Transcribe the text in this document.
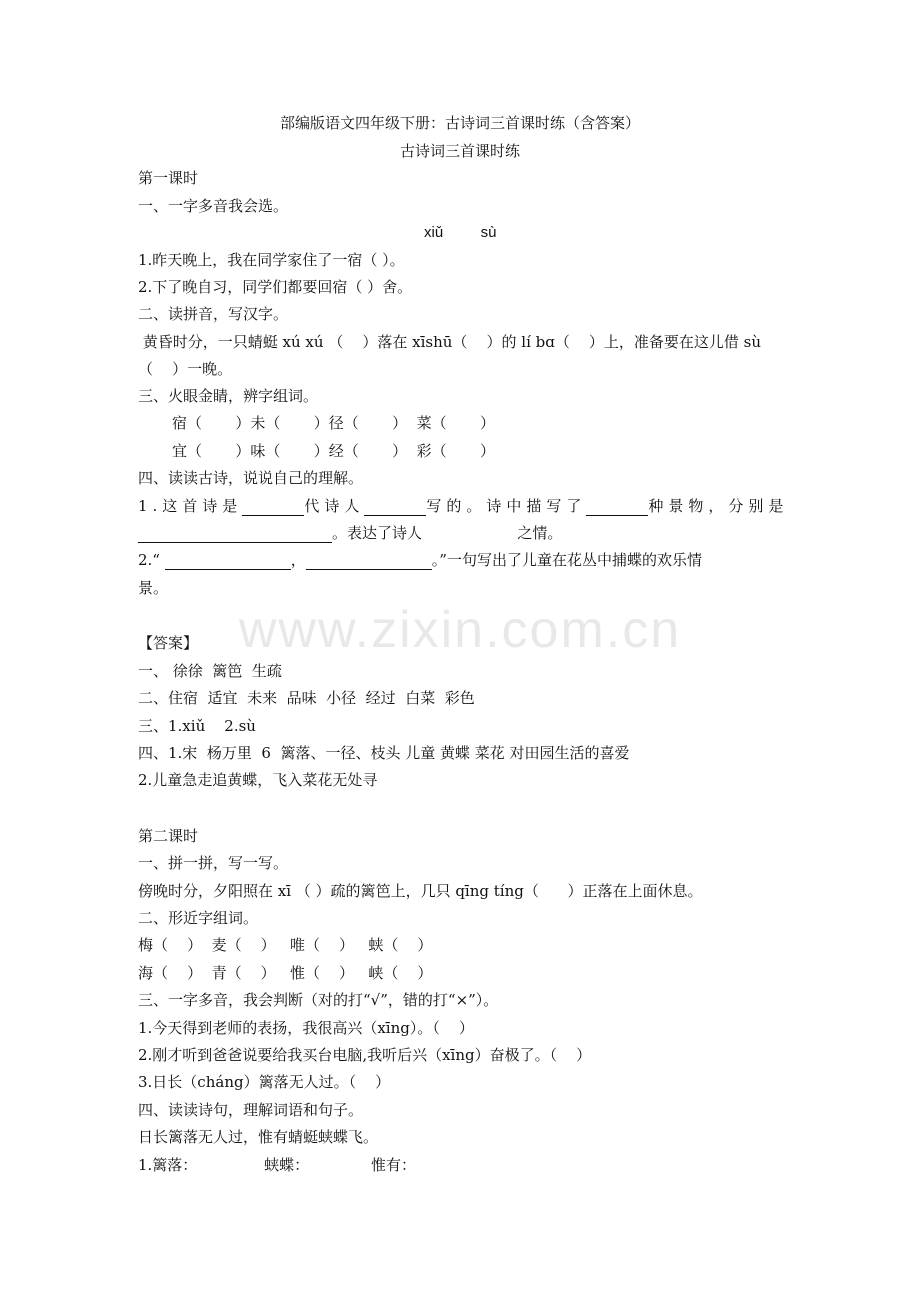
部编版语文四年级下册：古诗词三首课时练（含答案）
古诗词三首课时练
第一课时
一、一字多音我会选。
xiǔ         sù
1.昨天晚上，我在同学家住了一宿（ ）。
2.下了晚自习，同学们都要回宿（ ）舍。
二、读拼音，写汉字。
黄昏时分，一只蜻蜓 xú xú （    ）落在 xīshū（    ）的 lí bɑ（    ）上，准备要在这儿借 sù
（    ）一晚。
三、火眼金睛，辨字组词。
宿（       ）未（       ）径（       ）  菜（       ）
宜（       ）味（       ）经（       ）  彩（       ）
四、读读古诗，说说自己的理解。
1.这首诗是	代诗人	写的。诗中描写了	种景物，分别是
。表达了诗人                    之情。
2.“	，	。”一句写出了儿童在花丛中捕蝶的欢乐情
景。
www.zixin.com.cn
【答案】
一、 徐徐  篱笆  生疏
二、住宿  适宜  未来  品味  小径  经过  白菜  彩色
三、1.xiǔ    2.sù
四、1.宋  杨万里  6  篱落、一径、枝头 儿童 黄蝶 菜花 对田园生活的喜爱
2.儿童急走追黄蝶，飞入菜花无处寻
第二课时
一、拼一拼，写一写。
傍晚时分，夕阳照在 xī （ ）疏的篱笆上，几只 qīng tíng（      ）正落在上面休息。
二、形近字组词。
梅（    ）  麦（    ）   唯（    ）   蛱（    ）
海（    ）  青（    ）   惟（    ）   峡（    ）
三、一字多音，我会判断（对的打“√”，错的打“×”）。
1.今天得到老师的表扬，我很高兴（xīng）。（    ）
2.刚才听到爸爸说要给我买台电脑,我听后兴（xīng）奋极了。（    ）
3.日长（cháng）篱落无人过。（    ）
四、读读诗句，理解词语和句子。
日长篱落无人过，惟有蜻蜓蛱蝶飞。
1.篱落：              蛱蝶：             惟有：
